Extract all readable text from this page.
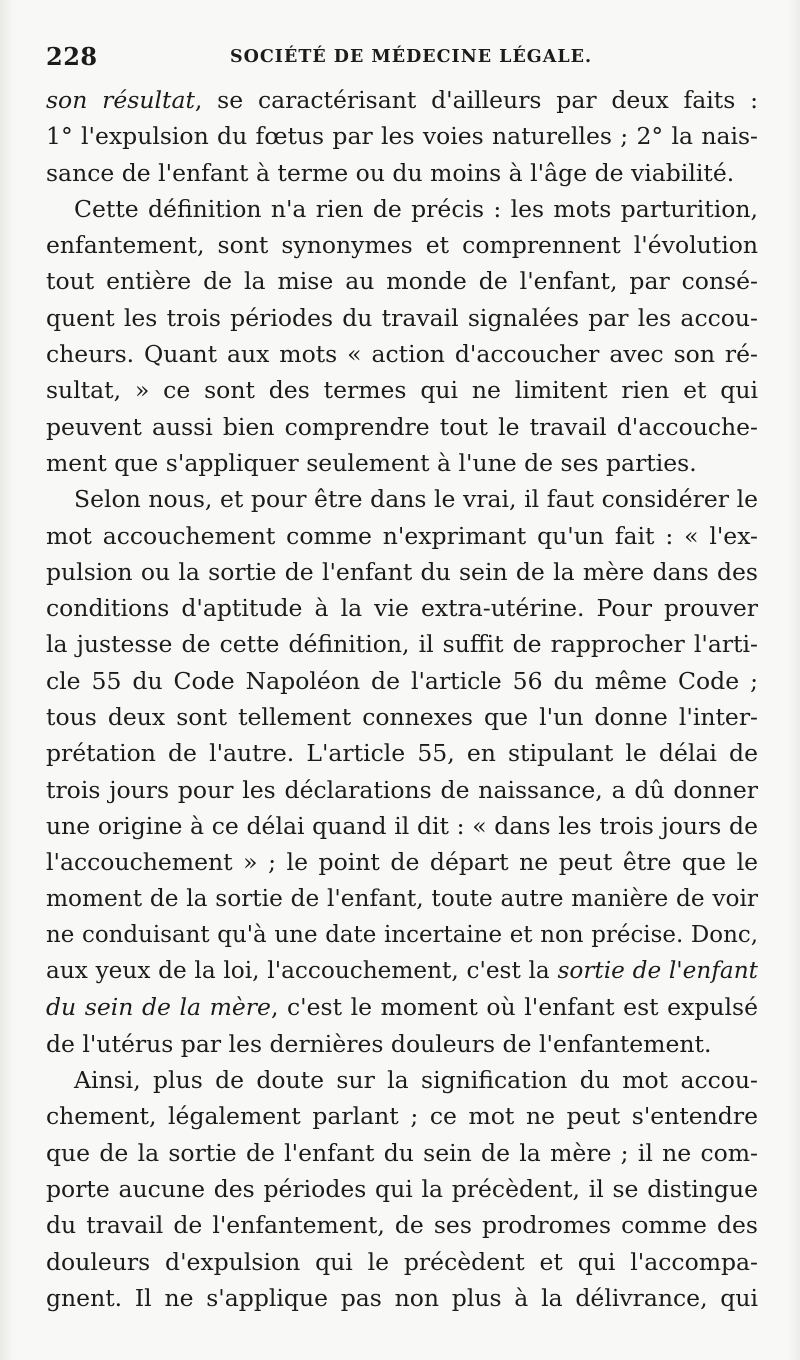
228	SOCIÉTÉ DE MÉDECINE LÉGALE.
son résultat, se caractérisant d'ailleurs par deux faits :
1° l'expulsion du fœtus par les voies naturelles ; 2° la nais-
sance de l'enfant à terme ou du moins à l'âge de viabilité.
Cette définition n'a rien de précis : les mots parturition,
enfantement, sont synonymes et comprennent l'évolution
tout entière de la mise au monde de l'enfant, par consé-
quent les trois périodes du travail signalées par les accou-
cheurs. Quant aux mots « action d'accoucher avec son ré-
sultat, » ce sont des termes qui ne limitent rien et qui
peuvent aussi bien comprendre tout le travail d'accouche-
ment que s'appliquer seulement à l'une de ses parties.
Selon nous, et pour être dans le vrai, il faut considérer le
mot accouchement comme n'exprimant qu'un fait : « l'ex-
pulsion ou la sortie de l'enfant du sein de la mère dans des
conditions d'aptitude à la vie extra-utérine. Pour prouver
la justesse de cette définition, il suffit de rapprocher l'arti-
cle 55 du Code Napoléon de l'article 56 du même Code ;
tous deux sont tellement connexes que l'un donne l'inter-
prétation de l'autre. L'article 55, en stipulant le délai de
trois jours pour les déclarations de naissance, a dû donner
une origine à ce délai quand il dit : « dans les trois jours de
l'accouchement » ; le point de départ ne peut être que le
moment de la sortie de l'enfant, toute autre manière de voir
ne conduisant qu'à une date incertaine et non précise. Donc,
aux yeux de la loi, l'accouchement, c'est la sortie de l'enfant
du sein de la mère, c'est le moment où l'enfant est expulsé
de l'utérus par les dernières douleurs de l'enfantement.
Ainsi, plus de doute sur la signification du mot accou-
chement, légalement parlant ; ce mot ne peut s'entendre
que de la sortie de l'enfant du sein de la mère ; il ne com-
porte aucune des périodes qui la précèdent, il se distingue
du travail de l'enfantement, de ses prodromes comme des
douleurs d'expulsion qui le précèdent et qui l'accompa-
gnent. Il ne s'applique pas non plus à la délivrance, qui
